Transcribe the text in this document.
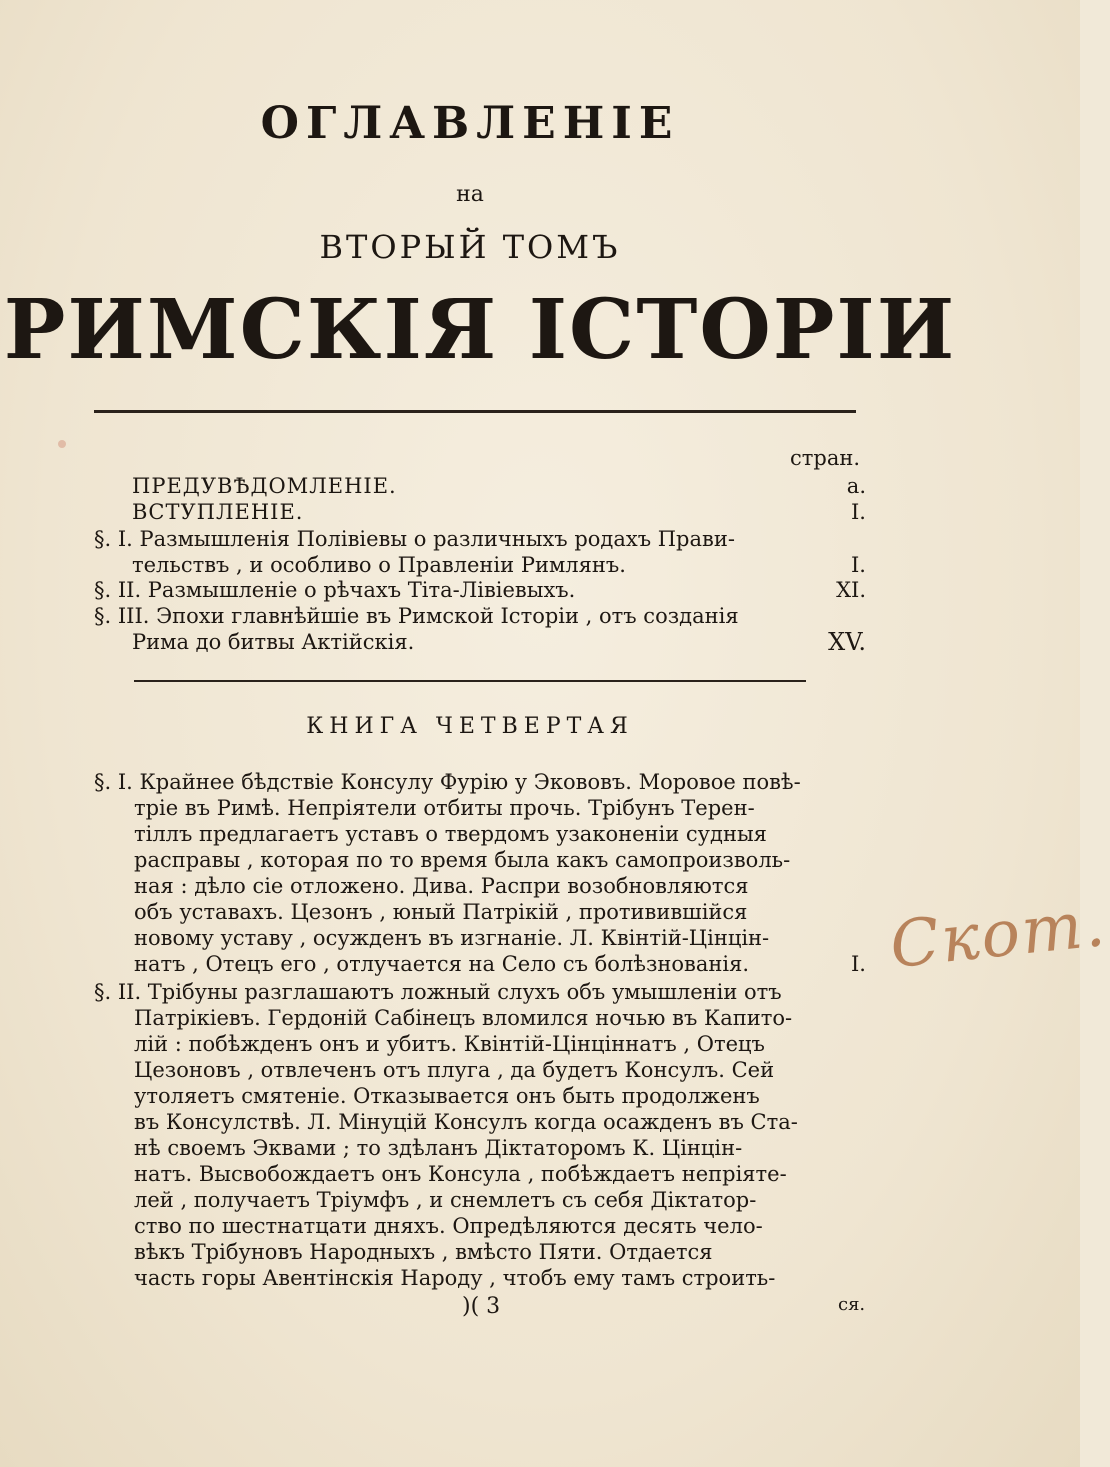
ОГЛАВЛЕНІЕ
на
ВТОРЫЙ ТОМЪ
РИМСКІЯ ІСТОРІИ
стран.
ПРЕДУВѢДОМЛЕНІЕ.	а.
ВСТУПЛЕНІЕ.	I.
§. I. Размышленія Полівіевы о различныхъ родахъ Прави-
тельствъ , и особливо о Правленіи Римлянъ.	I.
§. II. Размышленіе о рѣчахъ Тіта-Лівіевыхъ.	XI.
§. III. Эпохи главнѣйшіе въ Римской Історіи , отъ созданія
Рима до битвы Актійскія.	XV.
КНИГА ЧЕТВЕРТАЯ
§. I. Крайнее бѣдствіе Консулу Фурію у Экововъ. Моровое повѣ-
тріе въ Римѣ. Непріятели отбиты прочь. Трібунъ Терен-
тіллъ предлагаетъ уставъ о твердомъ узаконеніи судныя
расправы , которая по то время была какъ самопроизволь-
ная : дѣло сіе отложено. Дива. Распри возобновляются
объ уставахъ. Цезонъ , юный Патрікій , противившійся
новому уставу , осужденъ въ изгнаніе. Л. Квінтій-Цінцін-
натъ , Отецъ его , отлучается на Село съ болѣзнованія.	I.
§. II. Трібуны разглашаютъ ложный слухъ объ умышленіи отъ
Патрікіевъ. Гердоній Сабінецъ вломился ночью въ Капито-
лій : побѣжденъ онъ и убитъ. Квінтій-Цінціннатъ , Отецъ
Цезоновъ , отвлеченъ отъ плуга , да будетъ Консулъ. Сей
утоляетъ смятеніе. Отказывается онъ быть продолженъ
въ Консулствѣ. Л. Мінуцій Консулъ когда осажденъ въ Ста-
нѣ своемъ Эквами ; то здѣланъ Діктаторомъ К. Цінцін-
натъ. Высвобождаетъ онъ Консула , побѣждаетъ непріяте-
лей , получаетъ Тріумфъ , и снемлетъ съ себя Діктатор-
ство по шестнатцати дняхъ. Опредѣляются десять чело-
вѣкъ Трібуновъ Народныхъ , вмѣсто Пяти. Отдается
часть горы Авентінскія Народу , чтобъ ему тамъ строить-
)( 3	ся.
Скот.
